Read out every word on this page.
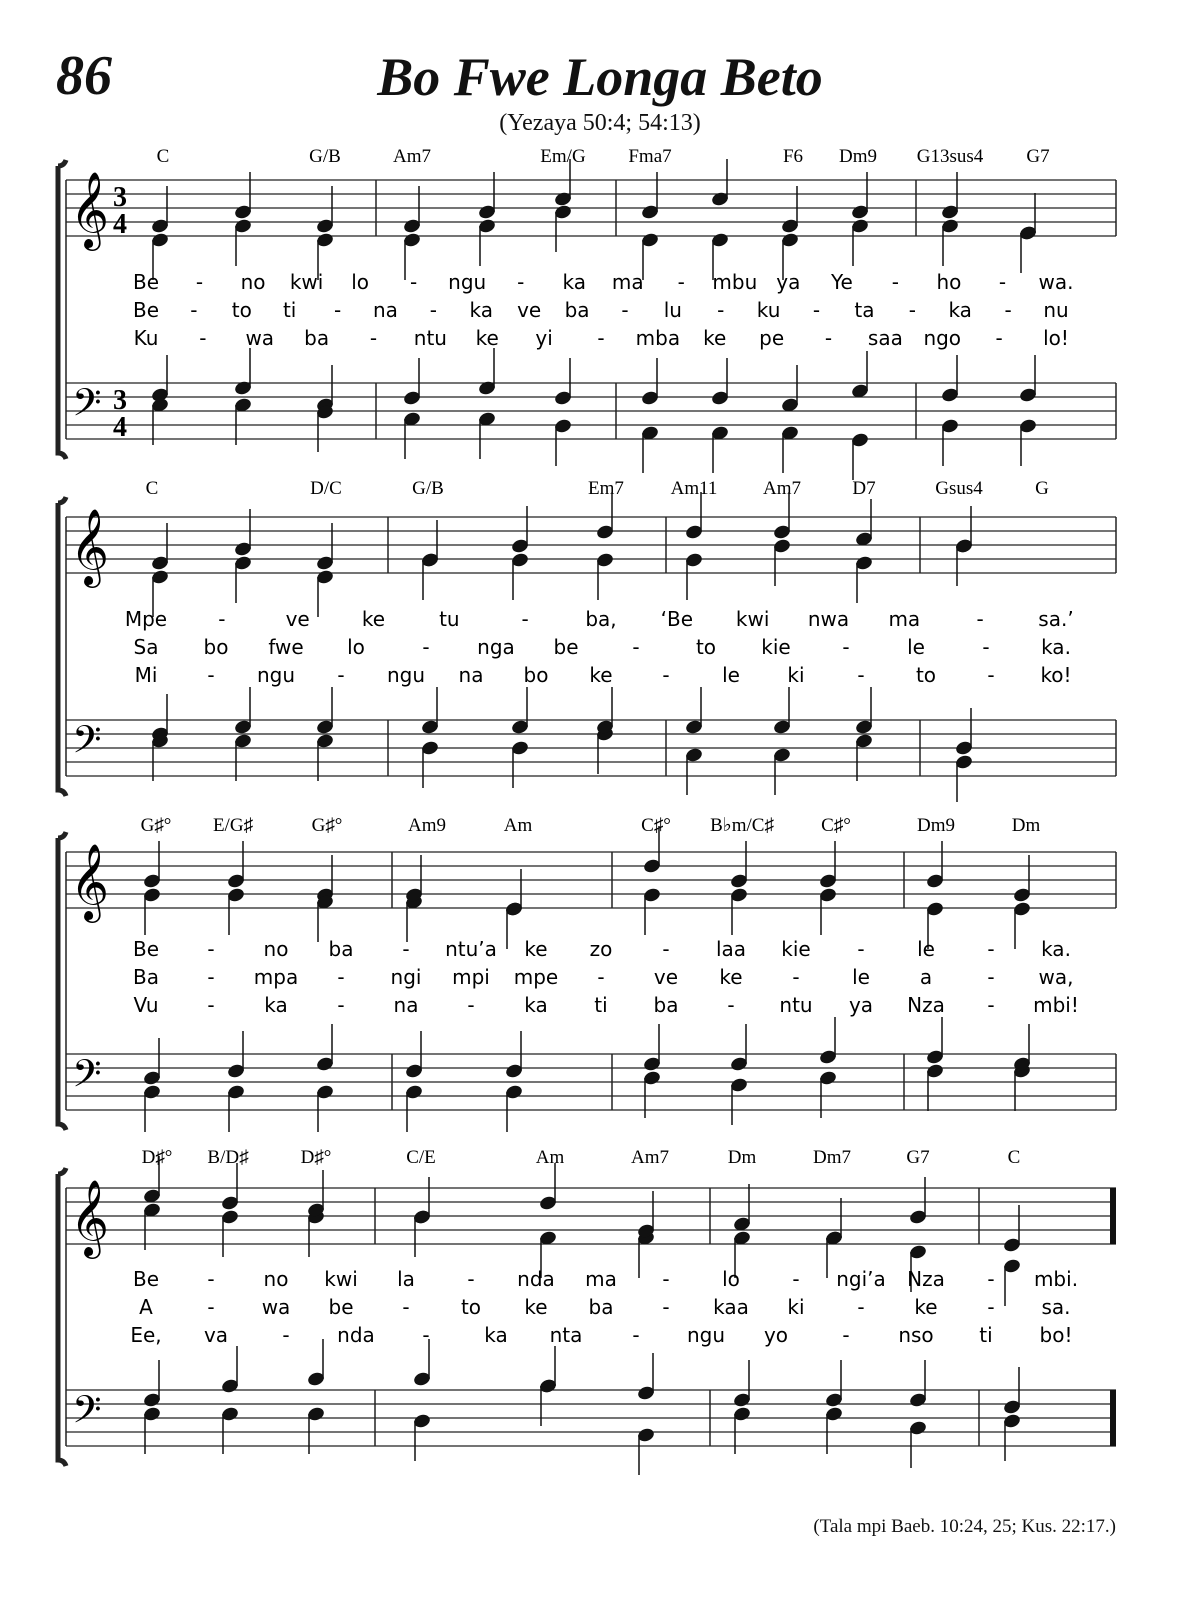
86	Bo Fwe Longa Beto
(Yezaya 50:4; 54:13)
C	G/B	Am7	Em/G Fma7	F6 Dm9 G13sus4 G7
𝄞
𝄢
3
4
3
4
Be - no kwi lo - ngu - ka ma - mbu ya Ye - ho - wa.
Be - to ti - na - ka ve ba - lu - ku - ta - ka - nu
Ku - wa ba - ntu ke yi - mba ke pe - saa ngo - lo!
C	D/C	G/B	Em7 Am11 Am7	D7	Gsus4	G
𝄞
𝄢
Mpe	-	ve	ke	tu	-	ba, ‘Be kwi nwa ma	-	sa.’
Sa bo fwe lo	- nga be	-	to kie	-	le	-	ka.
Mi - ngu - ngu na bo ke -	le ki	-	to	- ko!
G♯° E/G♯	G♯°	Am9	Am	C♯° B♭m/C♯ C♯°	Dm9	Dm
𝄞
𝄢
Be - no ba - ntu’a ke zo	- laa kie -	le	- ka.
Ba - mpa - ngi mpi mpe - ve ke -	le a	- wa,
Vu - ka - na - ka ti ba - ntu ya Nza - mbi!
D♯° B/D♯	D♯°	C/E	Am	Am7	Dm	Dm7	G7	C
𝄞
𝄢
Be - no kwi la	- nda ma -	lo	- ngi’a Nza - mbi.
A	- wa be -	to ke ba - kaa ki	- ke - sa.
Ee, va	- nda -	ka nta	- ngu yo	- nso ti bo!
(Tala mpi Baeb. 10:24, 25; Kus. 22:17.)
